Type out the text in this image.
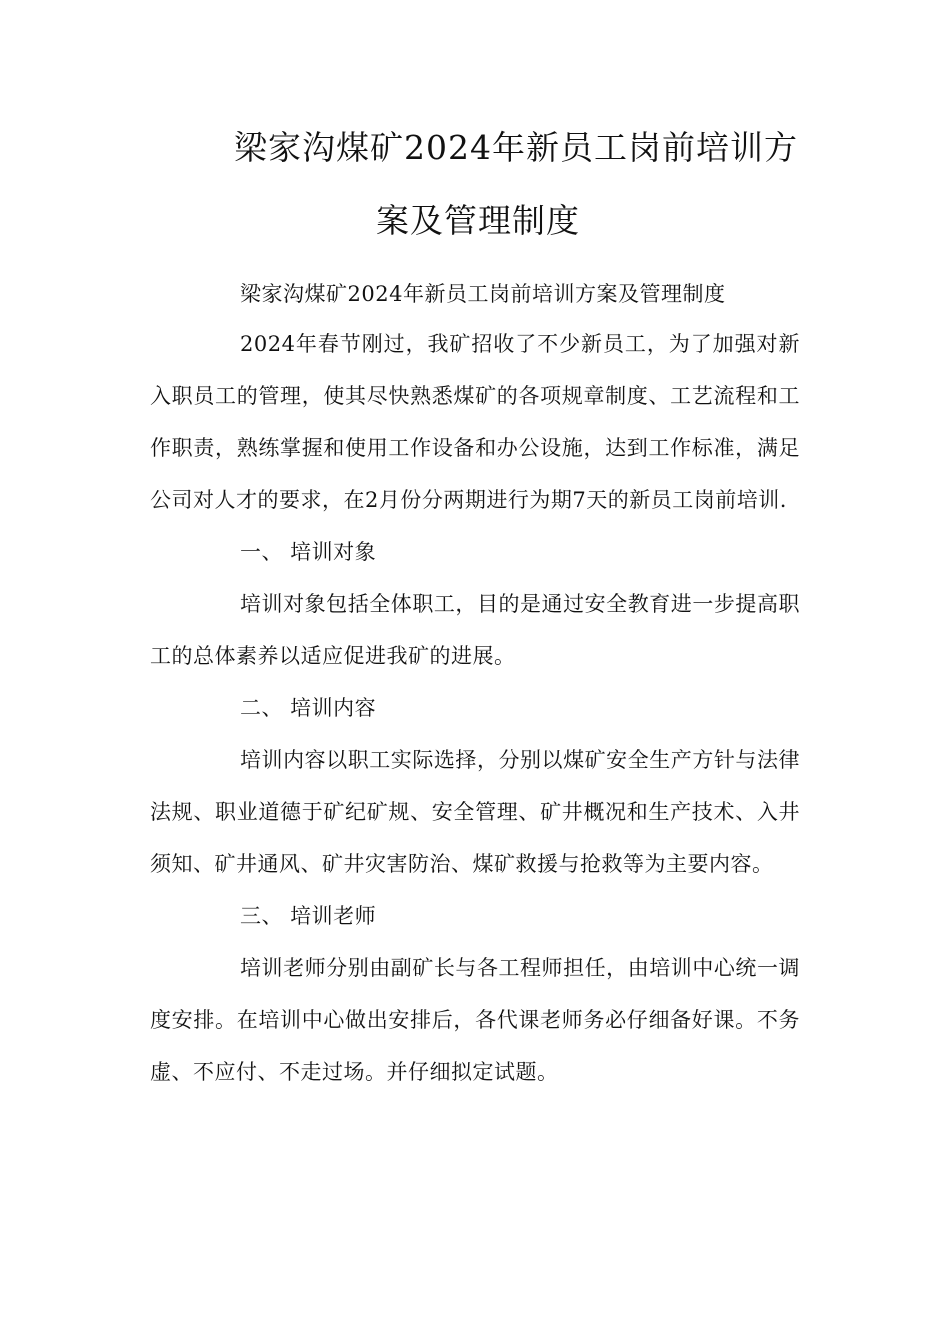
梁家沟煤矿2024年新员工岗前培训方
案及管理制度

梁家沟煤矿2024年新员工岗前培训方案及管理制度

2024年春节刚过，我矿招收了不少新员工，为了加强对新入职员工的管理，使其尽快熟悉煤矿的各项规章制度、工艺流程和工作职责，熟练掌握和使用工作设备和办公设施，达到工作标准，满足公司对人才的要求，在2月份分两期进行为期7天的新员工岗前培训.

一、 培训对象

培训对象包括全体职工，目的是通过安全教育进一步提高职工的总体素养以适应促进我矿的进展。

二、 培训内容

培训内容以职工实际选择，分别以煤矿安全生产方针与法律法规、职业道德于矿纪矿规、安全管理、矿井概况和生产技术、入井须知、矿井通风、矿井灾害防治、煤矿救援与抢救等为主要内容。

三、 培训老师

培训老师分别由副矿长与各工程师担任，由培训中心统一调度安排。在培训中心做出安排后，各代课老师务必仔细备好课。不务虚、不应付、不走过场。并仔细拟定试题。
